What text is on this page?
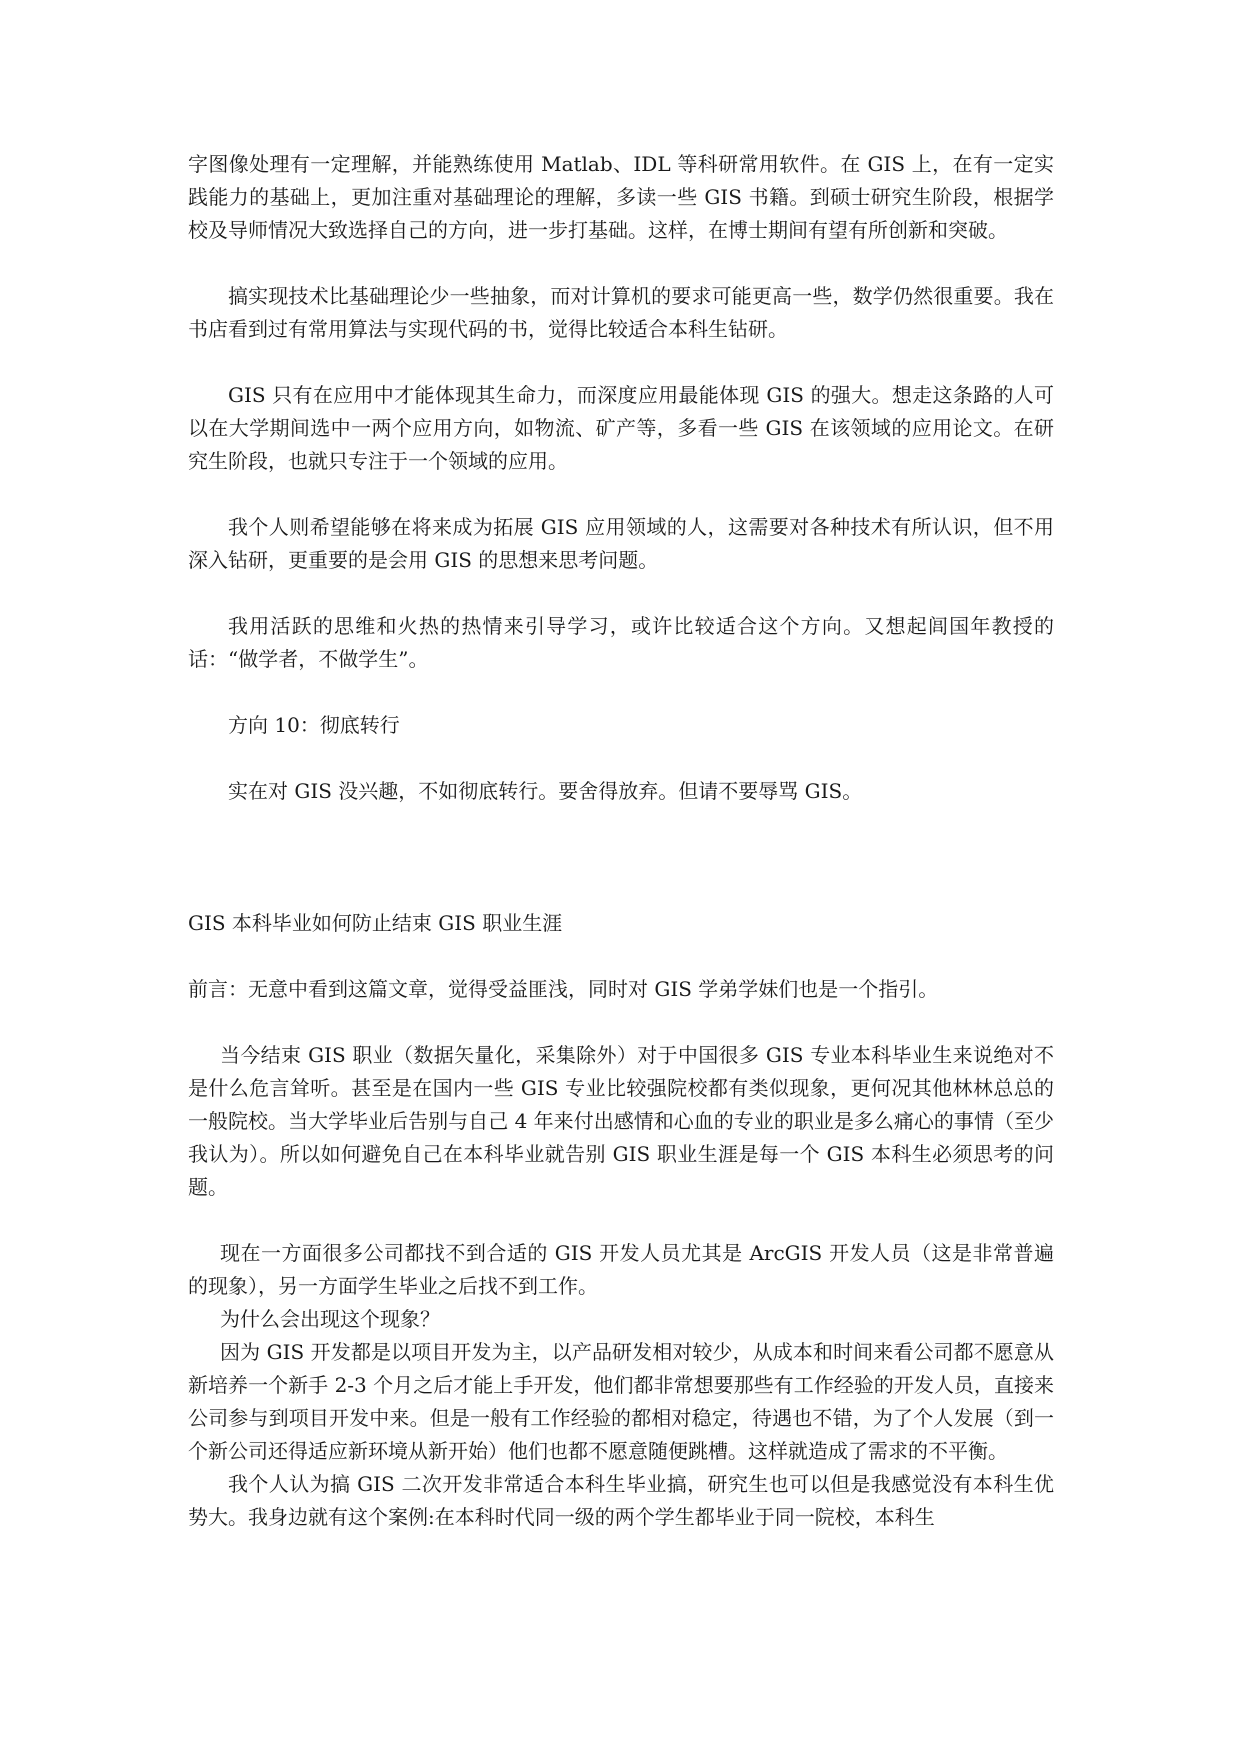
字图像处理有一定理解，并能熟练使用 Matlab、IDL 等科研常用软件。在 GIS 上，在有一定实践能力的基础上，更加注重对基础理论的理解，多读一些 GIS 书籍。到硕士研究生阶段，根据学校及导师情况大致选择自己的方向，进一步打基础。这样，在博士期间有望有所创新和突破。

搞实现技术比基础理论少一些抽象，而对计算机的要求可能更高一些，数学仍然很重要。我在书店看到过有常用算法与实现代码的书，觉得比较适合本科生钻研。

GIS 只有在应用中才能体现其生命力，而深度应用最能体现 GIS 的强大。想走这条路的人可以在大学期间选中一两个应用方向，如物流、矿产等，多看一些 GIS 在该领域的应用论文。在研究生阶段，也就只专注于一个领域的应用。

我个人则希望能够在将来成为拓展 GIS 应用领域的人，这需要对各种技术有所认识，但不用深入钻研，更重要的是会用 GIS 的思想来思考问题。

我用活跃的思维和火热的热情来引导学习，或许比较适合这个方向。又想起闾国年教授的话：“做学者，不做学生”。

方向 10：彻底转行

实在对 GIS 没兴趣，不如彻底转行。要舍得放弃。但请不要辱骂 GIS。

GIS 本科毕业如何防止结束 GIS 职业生涯

前言：无意中看到这篇文章，觉得受益匪浅，同时对 GIS 学弟学妹们也是一个指引。

当今结束 GIS 职业（数据矢量化，采集除外）对于中国很多 GIS 专业本科毕业生来说绝对不是什么危言耸听。甚至是在国内一些 GIS 专业比较强院校都有类似现象，更何况其他林林总总的一般院校。当大学毕业后告别与自己 4 年来付出感情和心血的专业的职业是多么痛心的事情（至少我认为）。所以如何避免自己在本科毕业就告别 GIS 职业生涯是每一个 GIS 本科生必须思考的问题。

现在一方面很多公司都找不到合适的 GIS 开发人员尤其是 ArcGIS 开发人员（这是非常普遍的现象），另一方面学生毕业之后找不到工作。

为什么会出现这个现象？

因为 GIS 开发都是以项目开发为主，以产品研发相对较少，从成本和时间来看公司都不愿意从新培养一个新手 2-3 个月之后才能上手开发，他们都非常想要那些有工作经验的开发人员，直接来公司参与到项目开发中来。但是一般有工作经验的都相对稳定，待遇也不错，为了个人发展（到一个新公司还得适应新环境从新开始）他们也都不愿意随便跳槽。这样就造成了需求的不平衡。

我个人认为搞 GIS 二次开发非常适合本科生毕业搞，研究生也可以但是我感觉没有本科生优势大。我身边就有这个案例:在本科时代同一级的两个学生都毕业于同一院校，本科生
